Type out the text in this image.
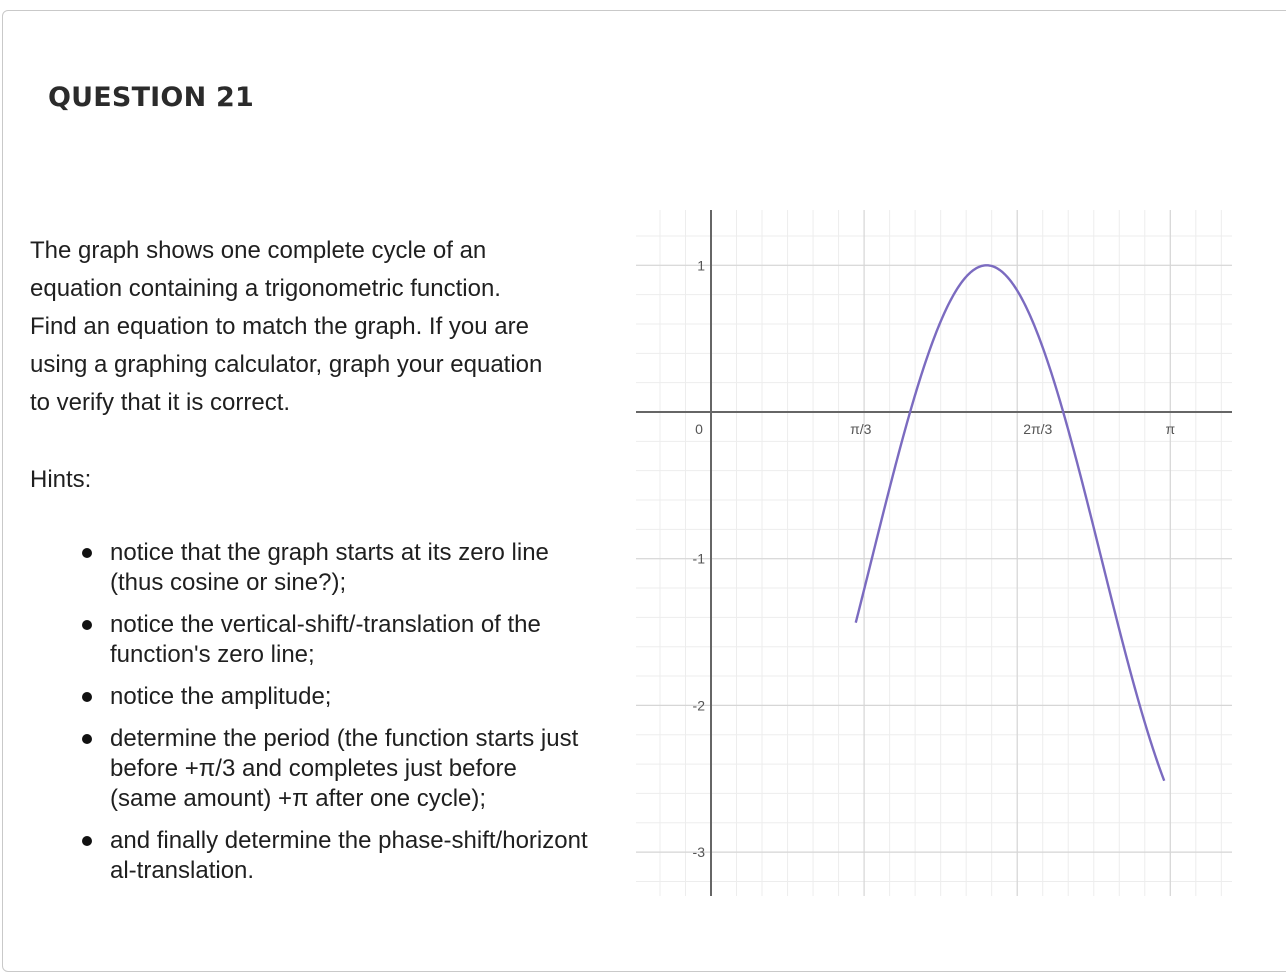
QUESTION 21

The graph shows one complete cycle of an

equation containing a trigonometric function.

Find an equation to match the graph. If you are

using a graphing calculator, graph your equation

to verify that it is correct.

Hints:
notice that the graph starts at its zero line
(thus cosine or sine?);
notice the vertical-shift/-translation of the
function's zero line;
notice the amplitude;
determine the period (the function starts just
before +π/3 and completes just before
(same amount) +π after one cycle);
and finally determine the phase-shift/horizont
al-translation.
0	π/3	2π/3	π
1
-1
-2
-3
